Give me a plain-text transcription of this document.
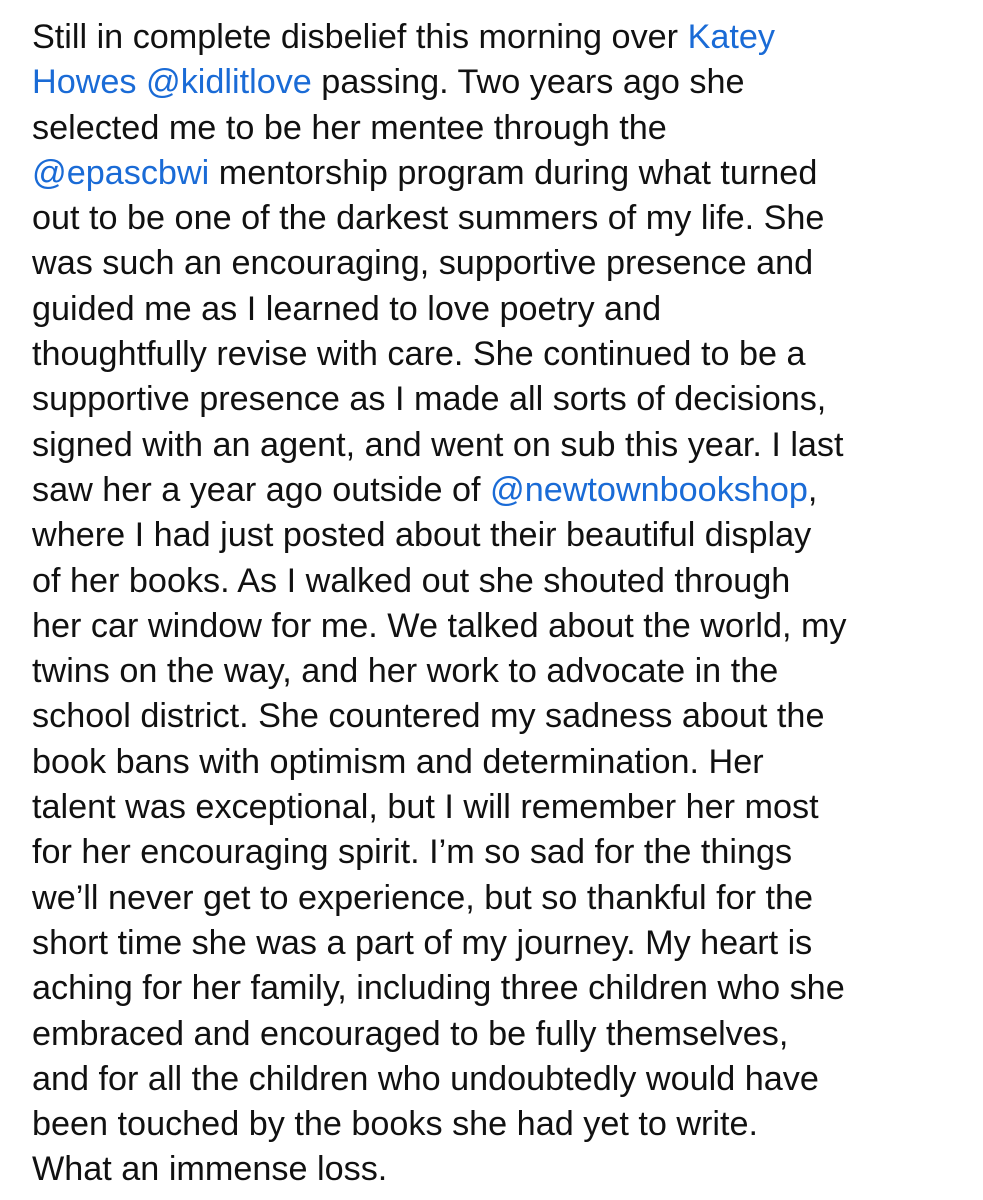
Still in complete disbelief this morning over Katey
Howes @kidlitlove passing. Two years ago she
selected me to be her mentee through the
@epascbwi mentorship program during what turned
out to be one of the darkest summers of my life. She
was such an encouraging, supportive presence and
guided me as I learned to love poetry and
thoughtfully revise with care. She continued to be a
supportive presence as I made all sorts of decisions,
signed with an agent, and went on sub this year. I last
saw her a year ago outside of @newtownbookshop,
where I had just posted about their beautiful display
of her books. As I walked out she shouted through
her car window for me. We talked about the world, my
twins on the way, and her work to advocate in the
school district. She countered my sadness about the
book bans with optimism and determination. Her
talent was exceptional, but I will remember her most
for her encouraging spirit. I’m so sad for the things
we’ll never get to experience, but so thankful for the
short time she was a part of my journey. My heart is
aching for her family, including three children who she
embraced and encouraged to be fully themselves,
and for all the children who undoubtedly would have
been touched by the books she had yet to write.
What an immense loss.
